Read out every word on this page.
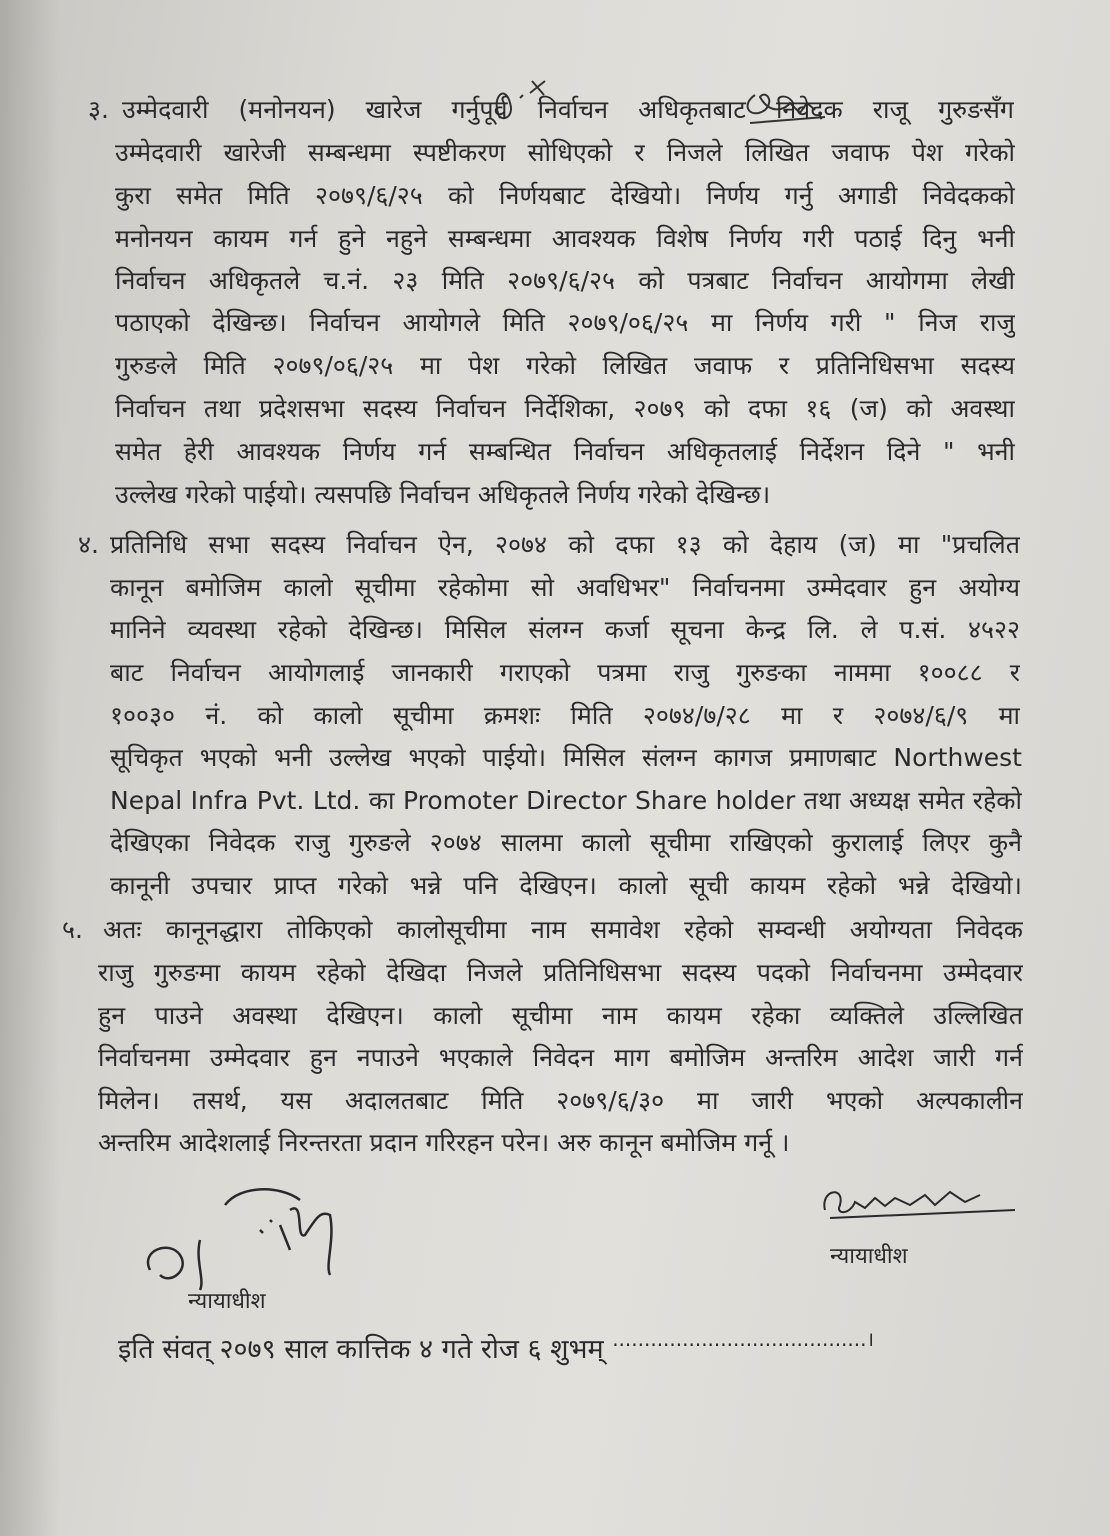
३. उम्मेदवारी (मनोनयन) खारेज गर्नुपूर्व निर्वाचन अधिकृतबाट निवेदक राजू गुरुङसँग
उम्मेदवारी खारेजी सम्बन्धमा स्पष्टीकरण सोधिएको र निजले लिखित जवाफ पेश गरेको
कुरा समेत मिति २०७९/६/२५ को निर्णयबाट देखियो। निर्णय गर्नु अगाडी निवेदकको
मनोनयन कायम गर्न हुने नहुने सम्बन्धमा आवश्यक विशेष निर्णय गरी पठाई दिनु भनी
निर्वाचन अधिकृतले च.नं. २३ मिति २०७९/६/२५ को पत्रबाट निर्वाचन आयोगमा लेखी
पठाएको देखिन्छ। निर्वाचन आयोगले मिति २०७९/०६/२५ मा निर्णय गरी " निज राजु
गुरुङले मिति २०७९/०६/२५ मा पेश गरेको लिखित जवाफ र प्रतिनिधिसभा सदस्य
निर्वाचन तथा प्रदेशसभा सदस्य निर्वाचन निर्देशिका, २०७९ को दफा १६ (ज) को अवस्था
समेत हेरी आवश्यक निर्णय गर्न सम्बन्धित निर्वाचन अधिकृतलाई निर्देशन दिने " भनी
उल्लेख गरेको पाईयो। त्यसपछि निर्वाचन अधिकृतले निर्णय गरेको देखिन्छ।
४. प्रतिनिधि सभा सदस्य निर्वाचन ऐन, २०७४ को दफा १३ को देहाय (ज) मा "प्रचलित
कानून बमोजिम कालो सूचीमा रहेकोमा सो अवधिभर" निर्वाचनमा उम्मेदवार हुन अयोग्य
मानिने व्यवस्था रहेको देखिन्छ। मिसिल संलग्न कर्जा सूचना केन्द्र लि. ले प.सं. ४५२२
बाट निर्वाचन आयोगलाई जानकारी गराएको पत्रमा राजु गुरुङका नाममा १००८८ र
१००३० नं. को कालो सूचीमा क्रमशः मिति २०७४/७/२८ मा र २०७४/६/९ मा
सूचिकृत भएको भनी उल्लेख भएको पाईयो। मिसिल संलग्न कागज प्रमाणबाट Northwest
Nepal Infra Pvt. Ltd. का Promoter Director Share holder तथा अध्यक्ष समेत रहेको
देखिएका निवेदक राजु गुरुङले २०७४ सालमा कालो सूचीमा राखिएको कुरालाई लिएर कुनै
कानूनी उपचार प्राप्त गरेको भन्ने पनि देखिएन। कालो सूची कायम रहेको भन्ने देखियो।
५. अतः कानूनद्धारा तोकिएको कालोसूचीमा नाम समावेश रहेको सम्वन्धी अयोग्यता निवेदक
राजु गुरुङमा कायम रहेको देखिदा निजले प्रतिनिधिसभा सदस्य पदको निर्वाचनमा उम्मेदवार
हुन पाउने अवस्था देखिएन। कालो सूचीमा नाम कायम रहेका व्यक्तिले उल्लिखित
निर्वाचनमा उम्मेदवार हुन नपाउने भएकाले निवेदन माग बमोजिम अन्तरिम आदेश जारी गर्न
मिलेन। तसर्थ, यस अदालतबाट मिति २०७९/६/३० मा जारी भएको अल्पकालीन
अन्तरिम आदेशलाई निरन्तरता प्रदान गरिरहन परेन। अरु कानून बमोजिम गर्नू ।
न्यायाधीश
न्यायाधीश
इति संवत् २०७९ साल कात्तिक ४ गते रोज ६ शुभम् ........................................।
